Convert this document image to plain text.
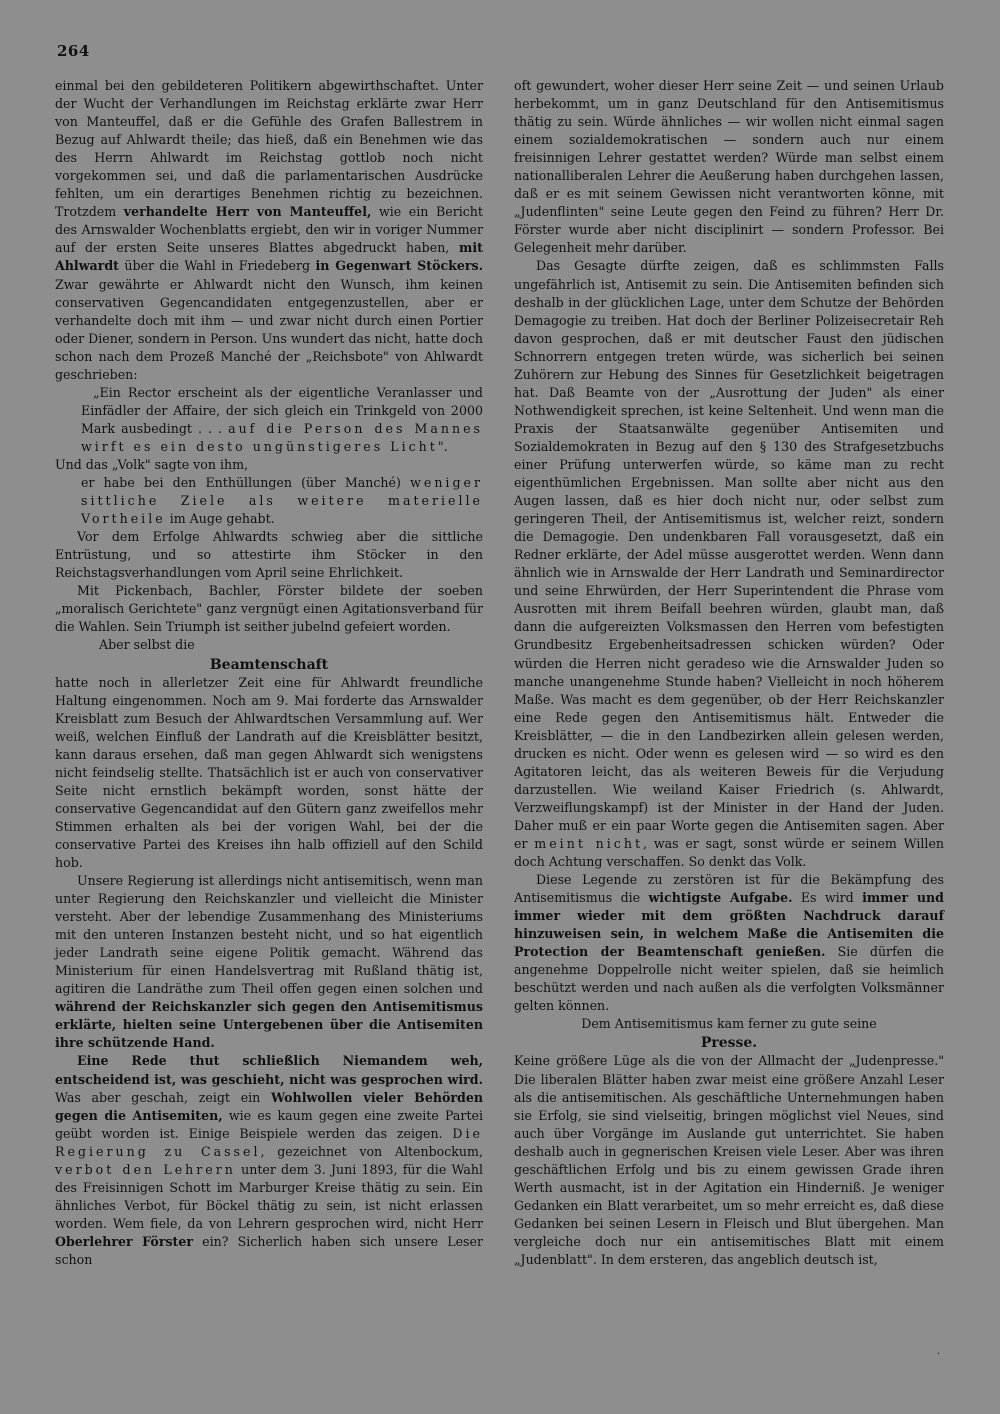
264

einmal bei den gebildeteren Politikern abgewirthschaftet. Unter der Wucht der Verhandlungen im Reichstag erklärte zwar Herr von Manteuffel, daß er die Gefühle des Grafen Ballestrem in Bezug auf Ahlwardt theile; das hieß, daß ein Benehmen wie das des Herrn Ahlwardt im Reichstag gottlob noch nicht vorgekommen sei, und daß die parlamentarischen Ausdrücke fehlten, um ein derartiges Benehmen richtig zu bezeichnen. Trotzdem verhandelte Herr von Manteuffel, wie ein Bericht des Arnswalder Wochenblatts ergiebt, den wir in voriger Nummer auf der ersten Seite unseres Blattes abgedruckt haben, mit Ahlwardt über die Wahl in Friedeberg in Gegenwart Stöckers. Zwar gewährte er Ahlwardt nicht den Wunsch, ihm keinen conservativen Gegencandidaten entgegenzustellen, aber er verhandelte doch mit ihm — und zwar nicht durch einen Portier oder Diener, sondern in Person. Uns wundert das nicht, hatte doch schon nach dem Prozeß Manché der „Reichsbote" von Ahlwardt geschrieben:

„Ein Rector erscheint als der eigentliche Veranlasser und Einfädler der Affaire, der sich gleich ein Trinkgeld von 2000 Mark ausbedingt . . . auf die Person des Mannes wirft es ein desto ungünstigeres Licht".

Und das „Volk" sagte von ihm,

er habe bei den Enthüllungen (über Manché) weniger sittliche Ziele als weitere materielle Vortheile im Auge gehabt.

Vor dem Erfolge Ahlwardts schwieg aber die sittliche Entrüstung, und so attestirte ihm Stöcker in den Reichstagsverhandlungen vom April seine Ehrlichkeit.

Mit Pickenbach, Bachler, Förster bildete der soeben „moralisch Gerichtete" ganz vergnügt einen Agitationsverband für die Wahlen. Sein Triumph ist seither jubelnd gefeiert worden.

Aber selbst die

Beamtenschaft

hatte noch in allerletzer Zeit eine für Ahlwardt freundliche Haltung eingenommen. Noch am 9. Mai forderte das Arnswalder Kreisblatt zum Besuch der Ahlwardtschen Versammlung auf. Wer weiß, welchen Einfluß der Landrath auf die Kreisblätter besitzt, kann daraus ersehen, daß man gegen Ahlwardt sich wenigstens nicht feindselig stellte. Thatsächlich ist er auch von conservativer Seite nicht ernstlich bekämpft worden, sonst hätte der conservative Gegencandidat auf den Gütern ganz zweifellos mehr Stimmen erhalten als bei der vorigen Wahl, bei der die conservative Partei des Kreises ihn halb offiziell auf den Schild hob.

Unsere Regierung ist allerdings nicht antisemitisch, wenn man unter Regierung den Reichskanzler und vielleicht die Minister versteht. Aber der lebendige Zusammenhang des Ministeriums mit den unteren Instanzen besteht nicht, und so hat eigentlich jeder Landrath seine eigene Politik gemacht. Während das Ministerium für einen Handelsvertrag mit Rußland thätig ist, agitiren die Landräthe zum Theil offen gegen einen solchen und während der Reichskanzler sich gegen den Antisemitismus erklärte, hielten seine Untergebenen über die Antisemiten ihre schützende Hand.

Eine Rede thut schließlich Niemandem weh, entscheidend ist, was geschieht, nicht was gesprochen wird. Was aber geschah, zeigt ein Wohlwollen vieler Behörden gegen die Antisemiten, wie es kaum gegen eine zweite Partei geübt worden ist. Einige Beispiele werden das zeigen. Die Regierung zu Cassel, gezeichnet von Altenbockum, verbot den Lehrern unter dem 3. Juni 1893, für die Wahl des Freisinnigen Schott im Marburger Kreise thätig zu sein. Ein ähnliches Verbot, für Böckel thätig zu sein, ist nicht erlassen worden. Wem fiele, da von Lehrern gesprochen wird, nicht Herr Oberlehrer Förster ein? Sicherlich haben sich unsere Leser schon

oft gewundert, woher dieser Herr seine Zeit — und seinen Urlaub herbekommt, um in ganz Deutschland für den Antisemitismus thätig zu sein. Würde ähnliches — wir wollen nicht einmal sagen einem sozialdemokratischen — sondern auch nur einem freisinnigen Lehrer gestattet werden? Würde man selbst einem nationalliberalen Lehrer die Aeußerung haben durchgehen lassen, daß er es mit seinem Gewissen nicht verantworten könne, mit „Judenflinten" seine Leute gegen den Feind zu führen? Herr Dr. Förster wurde aber nicht disciplinirt — sondern Professor. Bei Gelegenheit mehr darüber.

Das Gesagte dürfte zeigen, daß es schlimmsten Falls ungefährlich ist, Antisemit zu sein. Die Antisemiten befinden sich deshalb in der glücklichen Lage, unter dem Schutze der Behörden Demagogie zu treiben. Hat doch der Berliner Polizeisecretair Reh davon gesprochen, daß er mit deutscher Faust den jüdischen Schnorrern entgegen treten würde, was sicherlich bei seinen Zuhörern zur Hebung des Sinnes für Gesetzlichkeit beigetragen hat. Daß Beamte von der „Ausrottung der Juden" als einer Nothwendigkeit sprechen, ist keine Seltenheit. Und wenn man die Praxis der Staatsanwälte gegenüber Antisemiten und Sozialdemokraten in Bezug auf den § 130 des Strafgesetzbuchs einer Prüfung unterwerfen würde, so käme man zu recht eigenthümlichen Ergebnissen. Man sollte aber nicht aus den Augen lassen, daß es hier doch nicht nur, oder selbst zum geringeren Theil, der Antisemitismus ist, welcher reizt, sondern die Demagogie. Den undenkbaren Fall vorausgesetzt, daß ein Redner erklärte, der Adel müsse ausgerottet werden. Wenn dann ähnlich wie in Arnswalde der Herr Landrath und Seminardirector und seine Ehrwürden, der Herr Superintendent die Phrase vom Ausrotten mit ihrem Beifall beehren würden, glaubt man, daß dann die aufgereizten Volksmassen den Herren vom befestigten Grundbesitz Ergebenheitsadressen schicken würden? Oder würden die Herren nicht geradeso wie die Arnswalder Juden so manche unangenehme Stunde haben? Vielleicht in noch höherem Maße. Was macht es dem gegenüber, ob der Herr Reichskanzler eine Rede gegen den Antisemitismus hält. Entweder die Kreisblätter, — die in den Landbezirken allein gelesen werden, drucken es nicht. Oder wenn es gelesen wird — so wird es den Agitatoren leicht, das als weiteren Beweis für die Verjudung darzustellen. Wie weiland Kaiser Friedrich (s. Ahlwardt, Verzweiflungskampf) ist der Minister in der Hand der Juden. Daher muß er ein paar Worte gegen die Antisemiten sagen. Aber er meint nicht, was er sagt, sonst würde er seinem Willen doch Achtung verschaffen. So denkt das Volk.

Diese Legende zu zerstören ist für die Bekämpfung des Antisemitismus die wichtigste Aufgabe. Es wird immer und immer wieder mit dem größten Nachdruck darauf hinzuweisen sein, in welchem Maße die Antisemiten die Protection der Beamtenschaft genießen. Sie dürfen die angenehme Doppelrolle nicht weiter spielen, daß sie heimlich beschützt werden und nach außen als die verfolgten Volksmänner gelten können.

Dem Antisemitismus kam ferner zu gute seine

Presse.

Keine größere Lüge als die von der Allmacht der „Judenpresse." Die liberalen Blätter haben zwar meist eine größere Anzahl Leser als die antisemitischen. Als geschäftliche Unternehmungen haben sie Erfolg, sie sind vielseitig, bringen möglichst viel Neues, sind auch über Vorgänge im Auslande gut unterrichtet. Sie haben deshalb auch in gegnerischen Kreisen viele Leser. Aber was ihren geschäftlichen Erfolg und bis zu einem gewissen Grade ihren Werth ausmacht, ist in der Agitation ein Hinderniß. Je weniger Gedanken ein Blatt verarbeitet, um so mehr erreicht es, daß diese Gedanken bei seinen Lesern in Fleisch und Blut übergehen. Man vergleiche doch nur ein antisemitisches Blatt mit einem „Judenblatt". In dem ersteren, das angeblich deutsch ist,

·
